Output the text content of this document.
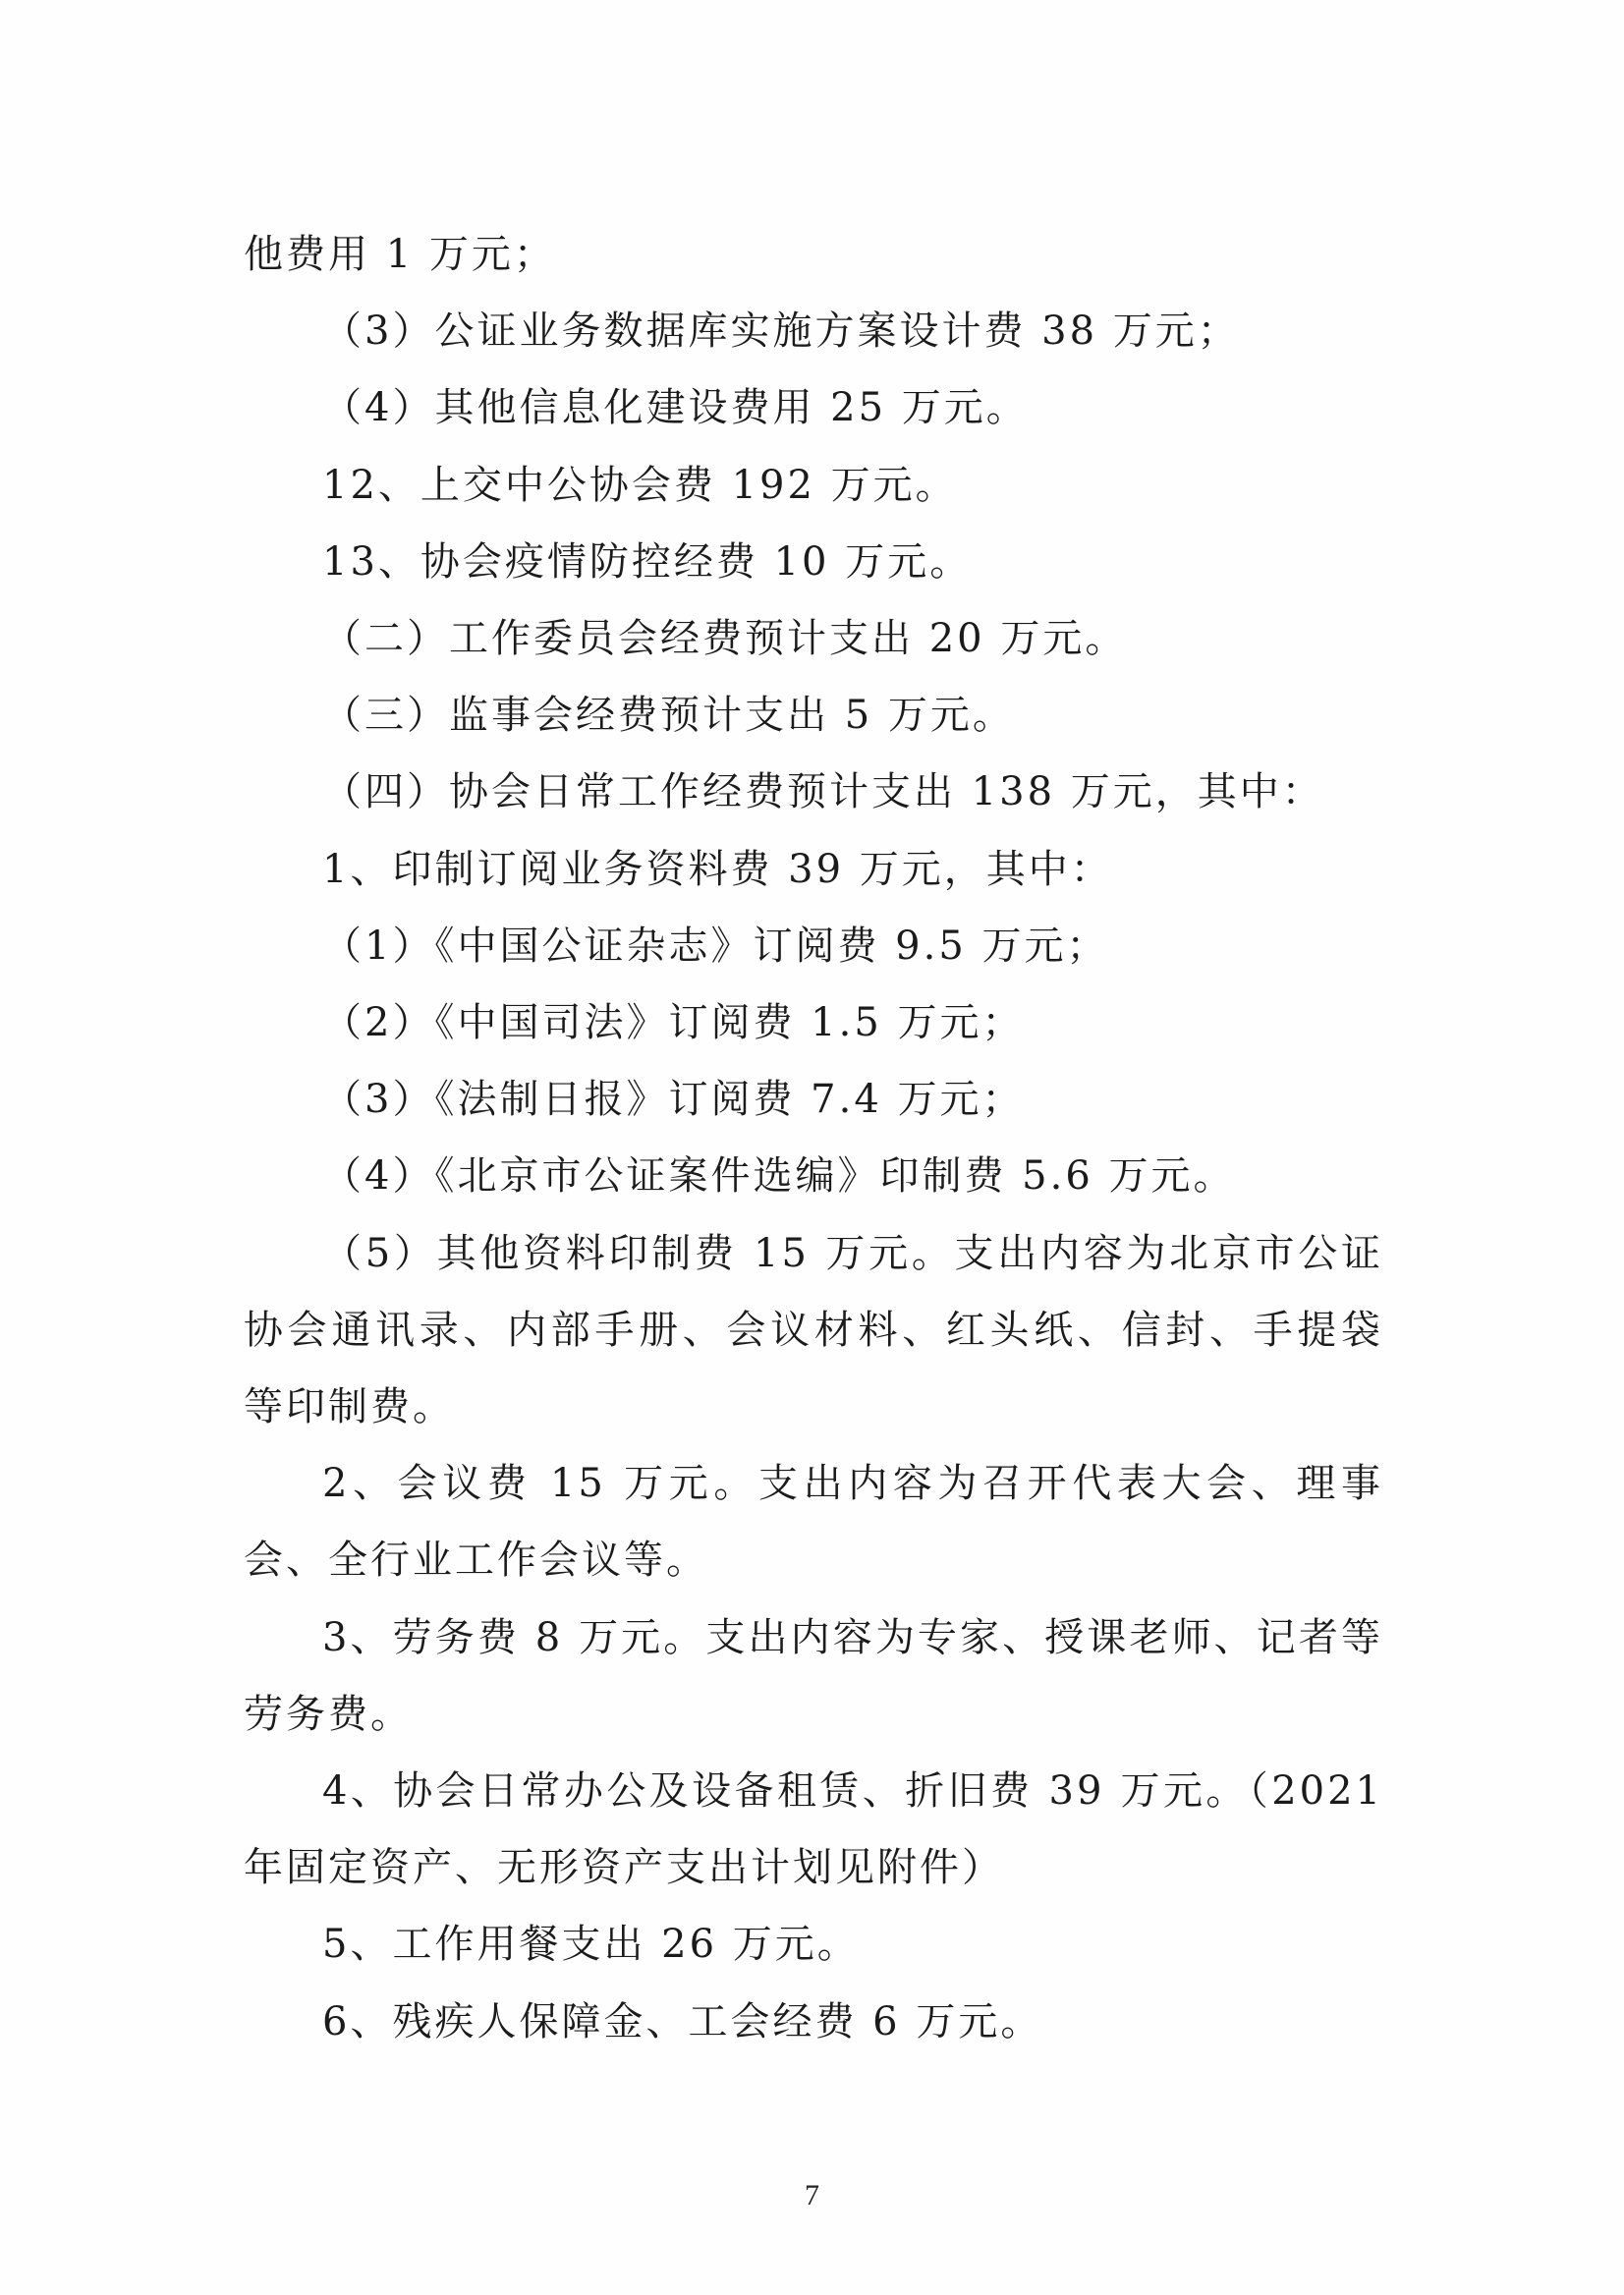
他费用 1 万元；

（3）公证业务数据库实施方案设计费 38 万元；

（4）其他信息化建设费用 25 万元。

12、上交中公协会费 192 万元。

13、协会疫情防控经费 10 万元。

（二）工作委员会经费预计支出 20 万元。

（三）监事会经费预计支出 5 万元。

（四）协会日常工作经费预计支出 138 万元，其中：

1、印制订阅业务资料费 39 万元，其中：

（1）《中国公证杂志》订阅费 9.5 万元；

（2）《中国司法》订阅费 1.5 万元；

（3）《法制日报》订阅费 7.4 万元；

（4）《北京市公证案件选编》印制费 5.6 万元。

（5）其他资料印制费 15 万元。支出内容为北京市公证协会通讯录、内部手册、会议材料、红头纸、信封、手提袋等印制费。

2、会议费 15 万元。支出内容为召开代表大会、理事会、全行业工作会议等。

3、劳务费 8 万元。支出内容为专家、授课老师、记者等劳务费。

4、协会日常办公及设备租赁、折旧费 39 万元。（2021 年固定资产、无形资产支出计划见附件）

5、工作用餐支出 26 万元。

6、残疾人保障金、工会经费 6 万元。

7
